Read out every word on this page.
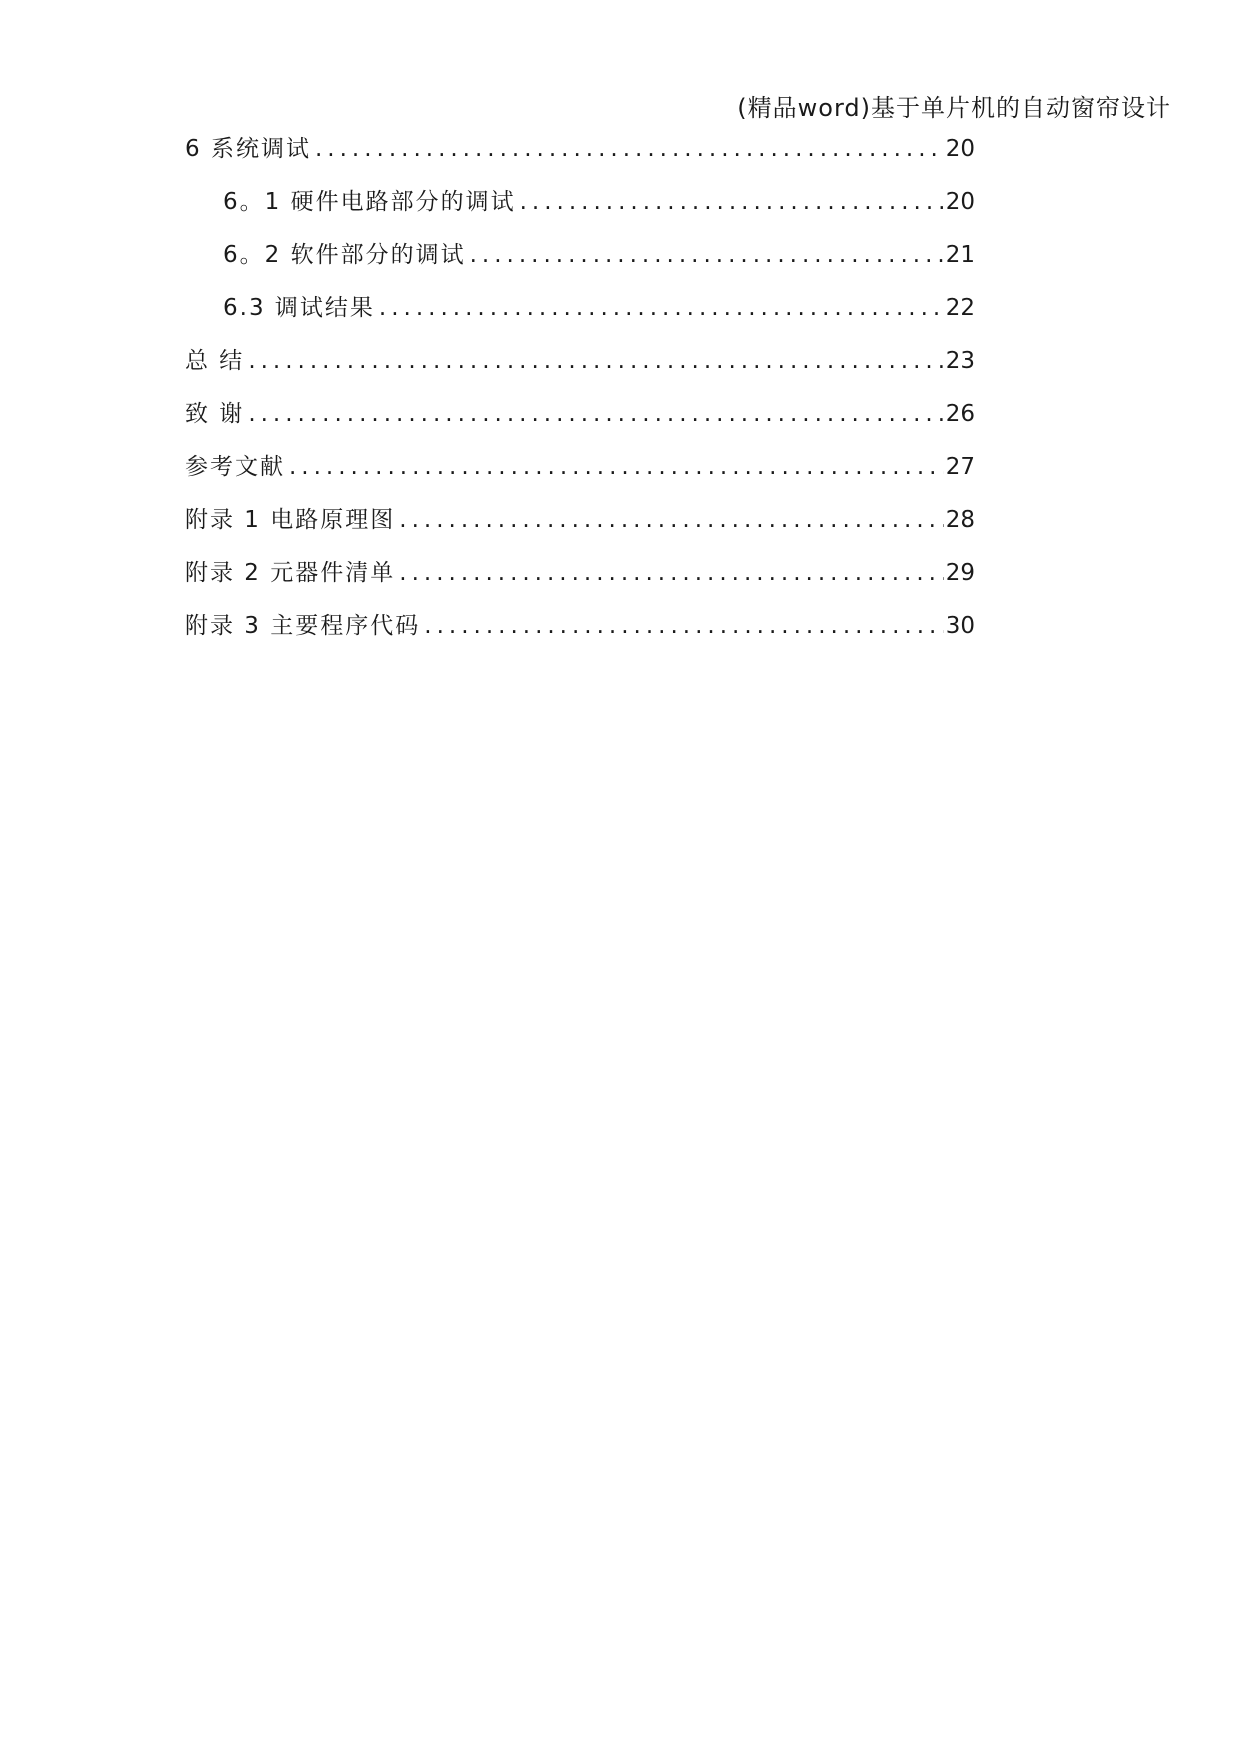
(精品word)基于单片机的自动窗帘设计
6 系统调试 .....	20
6。1 硬件电路部分的调试 .....	20
6。2 软件部分的调试 .....	21
6.3 调试结果 .....	22
总 结 .....	23
致 谢 .....	26
参考文献 .....	27
附录 1 电路原理图 .....	28
附录 2 元器件清单 .....	29
附录 3 主要程序代码 .....	30
